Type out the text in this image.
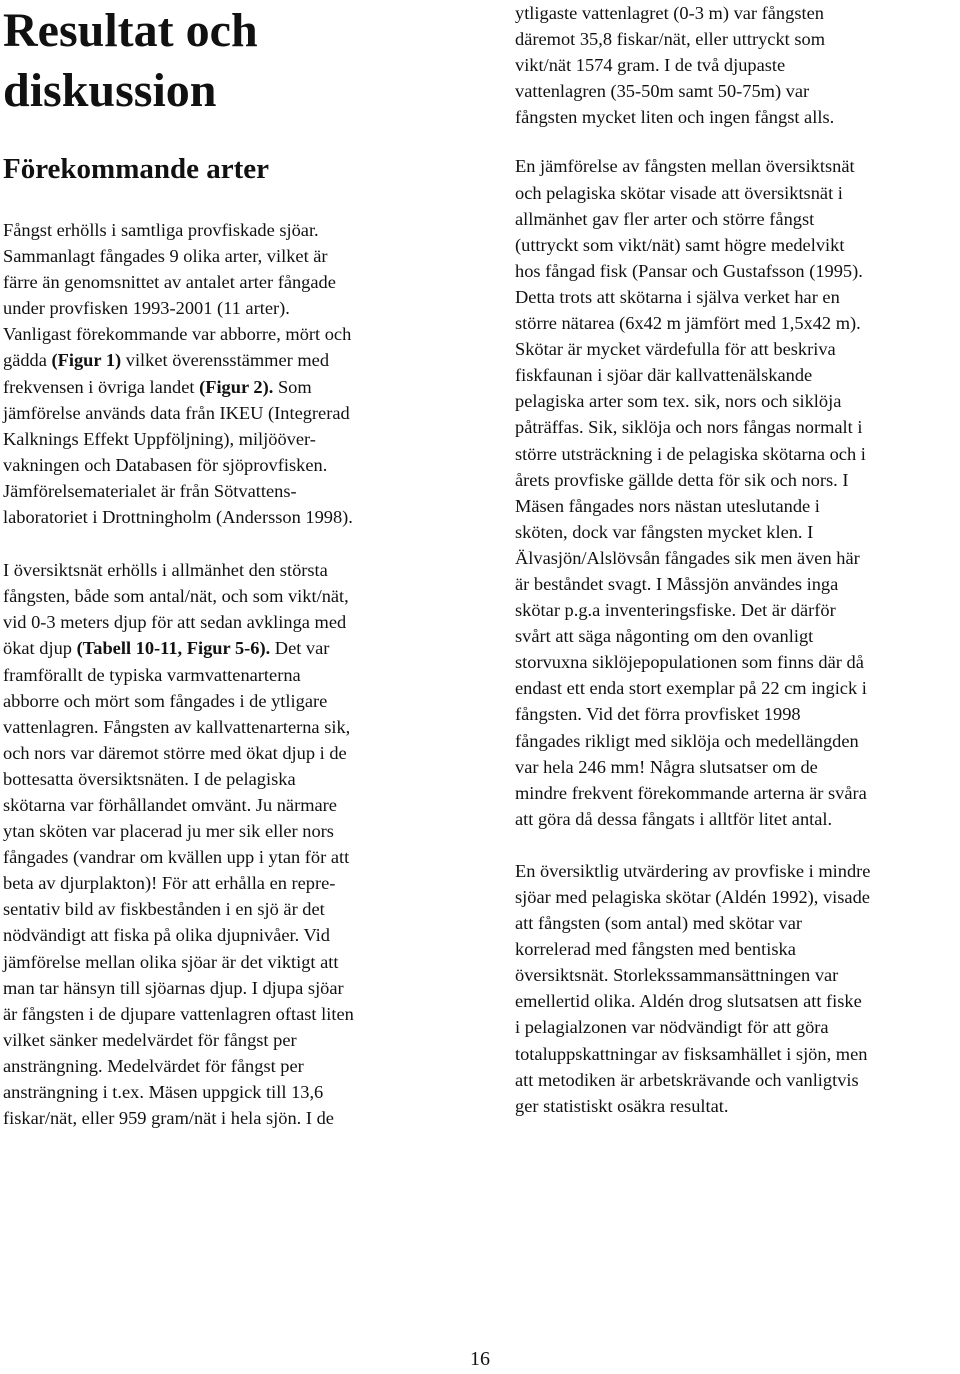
Resultat och
diskussion
Förekommande arter
Fångst erhölls i samtliga provfiskade sjöar.
Sammanlagt fångades 9 olika arter, vilket är
färre än genomsnittet av antalet arter fångade
under provfisken 1993-2001 (11 arter).
Vanligast förekommande var abborre, mört och
gädda (Figur 1) vilket överensstämmer med
frekvensen i övriga landet (Figur 2). Som
jämförelse används data från IKEU (Integrerad
Kalknings Effekt Uppföljning), miljööver-
vakningen och Databasen för sjöprovfisken.
Jämförelsematerialet är från Sötvattens-
laboratoriet i Drottningholm (Andersson 1998).
I översiktsnät erhölls i allmänhet den största
fångsten, både som antal/nät, och som vikt/nät,
vid 0-3 meters djup för att sedan avklinga med
ökat djup (Tabell 10-11, Figur 5-6). Det var
framförallt de typiska varmvattenarterna
abborre och mört som fångades i de ytligare
vattenlagren. Fångsten av kallvattenarterna sik,
och nors var däremot större med ökat djup i de
bottesatta översiktsnäten. I de pelagiska
skötarna var förhållandet omvänt. Ju närmare
ytan sköten var placerad ju mer sik eller nors
fångades (vandrar om kvällen upp i ytan för att
beta av djurplakton)! För att erhålla en repre-
sentativ bild av fiskbestånden i en sjö är det
nödvändigt att fiska på olika djupnivåer. Vid
jämförelse mellan olika sjöar är det viktigt att
man tar hänsyn till sjöarnas djup. I djupa sjöar
är fångsten i de djupare vattenlagren oftast liten
vilket sänker medelvärdet för fångst per
ansträngning. Medelvärdet för fångst per
ansträngning i t.ex. Mäsen uppgick till 13,6
fiskar/nät, eller 959 gram/nät i hela sjön. I de
ytligaste vattenlagret (0-3 m) var fångsten
däremot 35,8 fiskar/nät, eller uttryckt som
vikt/nät 1574 gram. I de två djupaste
vattenlagren (35-50m samt 50-75m) var
fångsten mycket liten och ingen fångst alls.
En jämförelse av fångsten mellan översiktsnät
och pelagiska skötar visade att översiktsnät i
allmänhet gav fler arter och större fångst
(uttryckt som vikt/nät) samt högre medelvikt
hos fångad fisk (Pansar och Gustafsson (1995).
Detta trots att skötarna i själva verket har en
större nätarea (6x42 m jämfört med 1,5x42 m).
Skötar är mycket värdefulla för att beskriva
fiskfaunan i sjöar där kallvattenälskande
pelagiska arter som tex. sik, nors och siklöja
påträffas. Sik, siklöja och nors fångas normalt i
större utsträckning i de pelagiska skötarna och i
årets provfiske gällde detta för sik och nors. I
Mäsen fångades nors nästan uteslutande i
sköten, dock var fångsten mycket klen. I
Älvasjön/Alslövsån fångades sik men även här
är beståndet svagt. I Måssjön användes inga
skötar p.g.a inventeringsfiske. Det är därför
svårt att säga någonting om den ovanligt
storvuxna siklöjepopulationen som finns där då
endast ett enda stort exemplar på 22 cm ingick i
fångsten. Vid det förra provfisket 1998
fångades rikligt med siklöja och medellängden
var hela 246 mm! Några slutsatser om de
mindre frekvent förekommande arterna är svåra
att göra då dessa fångats i alltför litet antal.
En översiktlig utvärdering av provfiske i mindre
sjöar med pelagiska skötar (Aldén 1992), visade
att fångsten (som antal) med skötar var
korrelerad med fångsten med bentiska
översiktsnät. Storlekssammansättningen var
emellertid olika. Aldén drog slutsatsen att fiske
i pelagialzonen var nödvändigt för att göra
totaluppskattningar av fisksamhället i sjön, men
att metodiken är arbetskrävande och vanligtvis
ger statistiskt osäkra resultat.
16
